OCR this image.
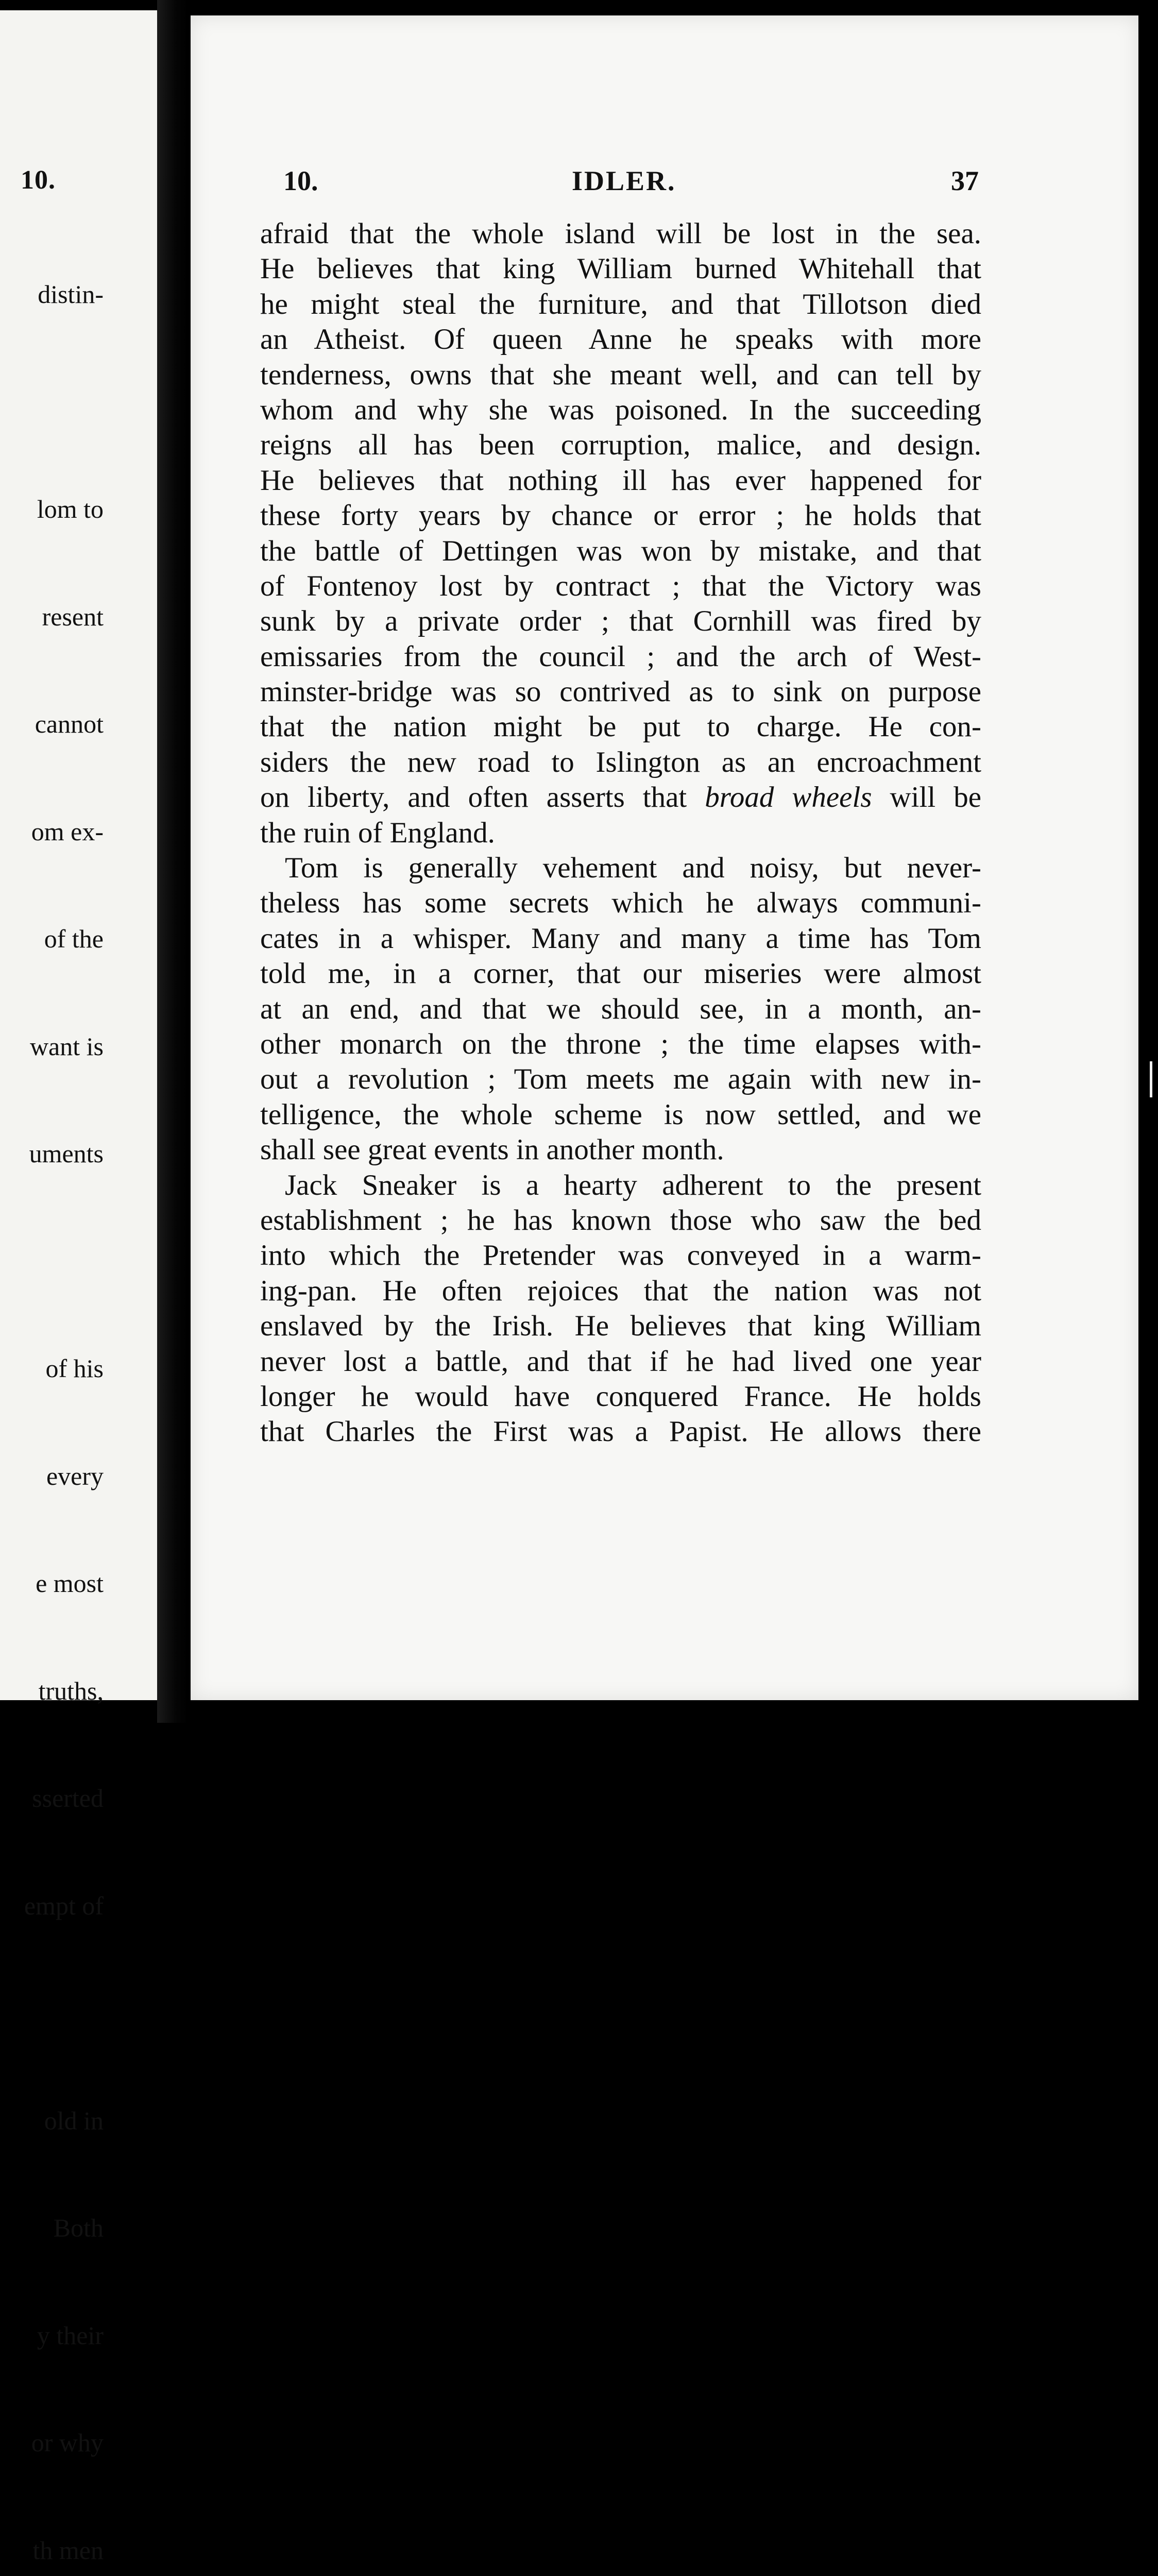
10.

distin-

lom to

resent

cannot

om ex-

of the

want is

uments

of his

every

e most

truths,

sserted

empt of

old in

Both

y their

or why

th men

10.	IDLER.	37
afraid that the whole island will be lost in the sea.
He believes that king William burned Whitehall that
he might steal the furniture, and that Tillotson died
an Atheist. Of queen Anne he speaks with more
tenderness, owns that she meant well, and can tell by
whom and why she was poisoned. In the succeeding
reigns all has been corruption, malice, and design.
He believes that nothing ill has ever happened for
these forty years by chance or error ; he holds that
the battle of Dettingen was won by mistake, and that
of Fontenoy lost by contract ; that the Victory was
sunk by a private order ; that Cornhill was fired by
emissaries from the council ; and the arch of West-
minster-bridge was so contrived as to sink on purpose
that the nation might be put to charge. He con-
siders the new road to Islington as an encroachment
on liberty, and often asserts that broad wheels will be
the ruin of England.
Tom is generally vehement and noisy, but never-
theless has some secrets which he always communi-
cates in a whisper. Many and many a time has Tom
told me, in a corner, that our miseries were almost
at an end, and that we should see, in a month, an-
other monarch on the throne ; the time elapses with-
out a revolution ; Tom meets me again with new in-
telligence, the whole scheme is now settled, and we
shall see great events in another month.
Jack Sneaker is a hearty adherent to the present
establishment ; he has known those who saw the bed
into which the Pretender was conveyed in a warm-
ing-pan. He often rejoices that the nation was not
enslaved by the Irish. He believes that king William
never lost a battle, and that if he had lived one year
longer he would have conquered France. He holds
that Charles the First was a Papist. He allows there
